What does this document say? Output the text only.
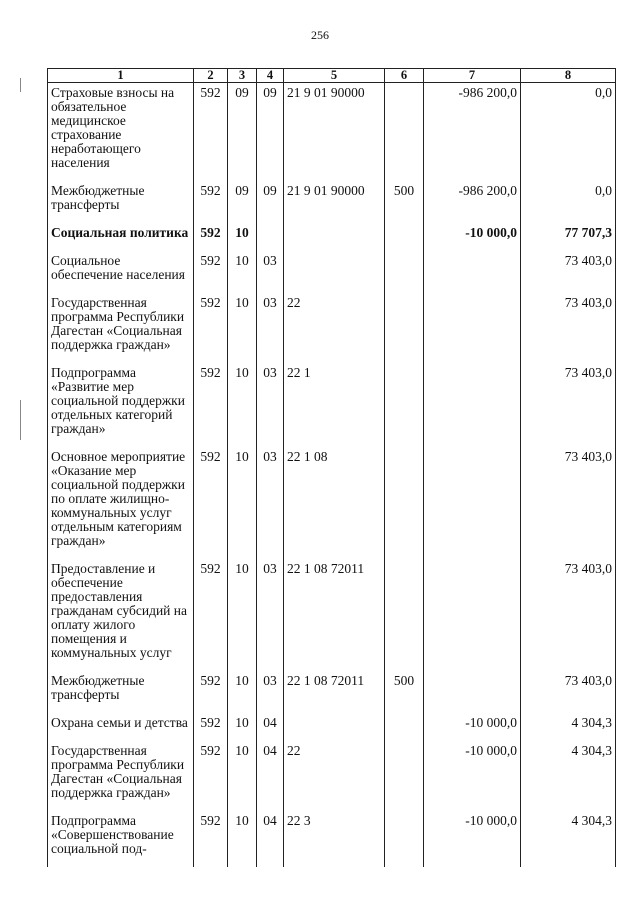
256
1	2	3	4	5	6	7	8
Страховые взносы на обязательное медицинское страхование неработающего населения	592	09	09	21 9 01 90000		-986 200,0	0,0
Межбюджетные трансферты	592	09	09	21 9 01 90000	500	-986 200,0	0,0
Социальная политика	592	10				-10 000,0	77 707,3
Социальное обеспечение населения	592	10	03				73 403,0
Государственная программа Республики Дагестан «Социальная поддержка граждан»	592	10	03	22			73 403,0
Подпрограмма «Развитие мер социальной поддержки отдельных категорий граждан»	592	10	03	22 1			73 403,0
Основное мероприятие «Оказание мер социальной поддержки по оплате жилищно-коммунальных услуг отдельным категориям граждан»	592	10	03	22 1 08			73 403,0
Предоставление и обеспечение предоставления гражданам субсидий на оплату жилого помещения и коммунальных услуг	592	10	03	22 1 08 72011			73 403,0
Межбюджетные трансферты	592	10	03	22 1 08 72011	500		73 403,0
Охрана семьи и детства	592	10	04			-10 000,0	4 304,3
Государственная программа Республики Дагестан «Социальная поддержка граждан»	592	10	04	22		-10 000,0	4 304,3
Подпрограмма «Совершенствование социальной под-	592	10	04	22 3		-10 000,0	4 304,3
